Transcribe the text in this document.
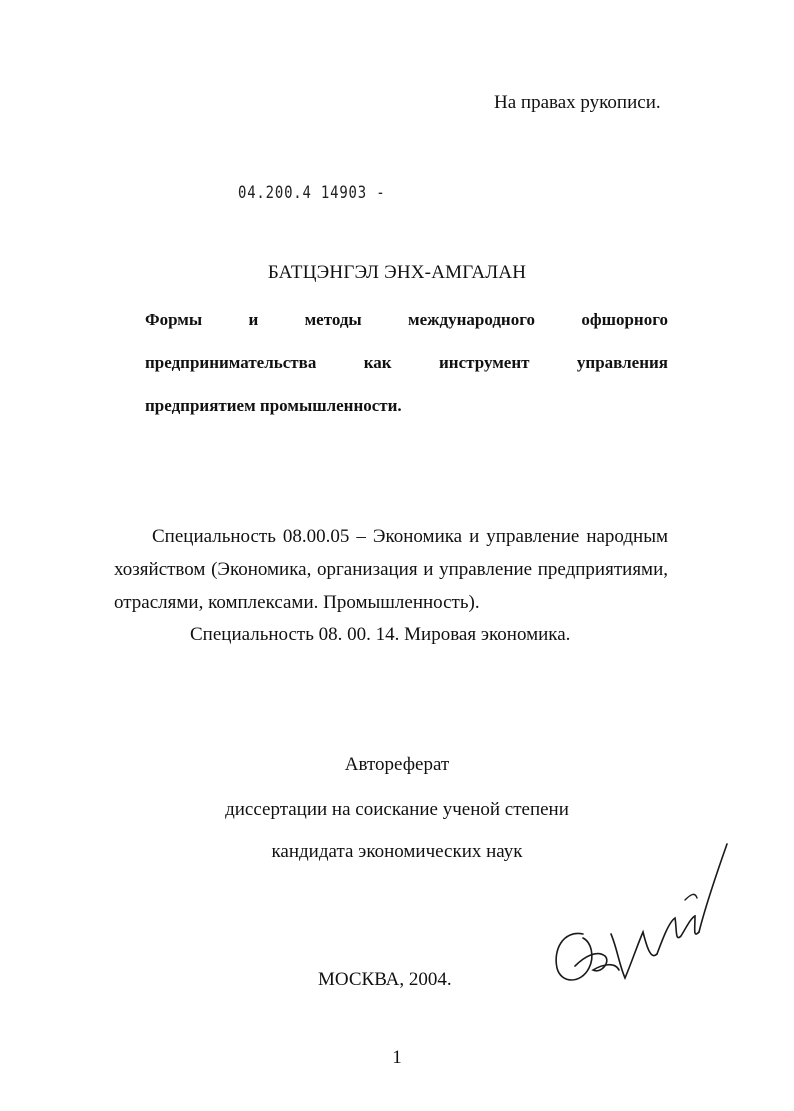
На правах рукописи.
04.200.4 14903 -
БАТЦЭНГЭЛ ЭНХ-АМГАЛАН
Формы и методы международного офшорного
предпринимательства как инструмент управления
предприятием промышленности.
Специальность 08.00.05 – Экономика и управление народным хозяйством (Экономика, организация и управление предприятиями, отраслями, комплексами. Промышленность).
Специальность 08. 00. 14. Мировая экономика.
Автореферат
диссертации на соискание ученой степени
кандидата экономических наук
МОСКВА, 2004.
1
